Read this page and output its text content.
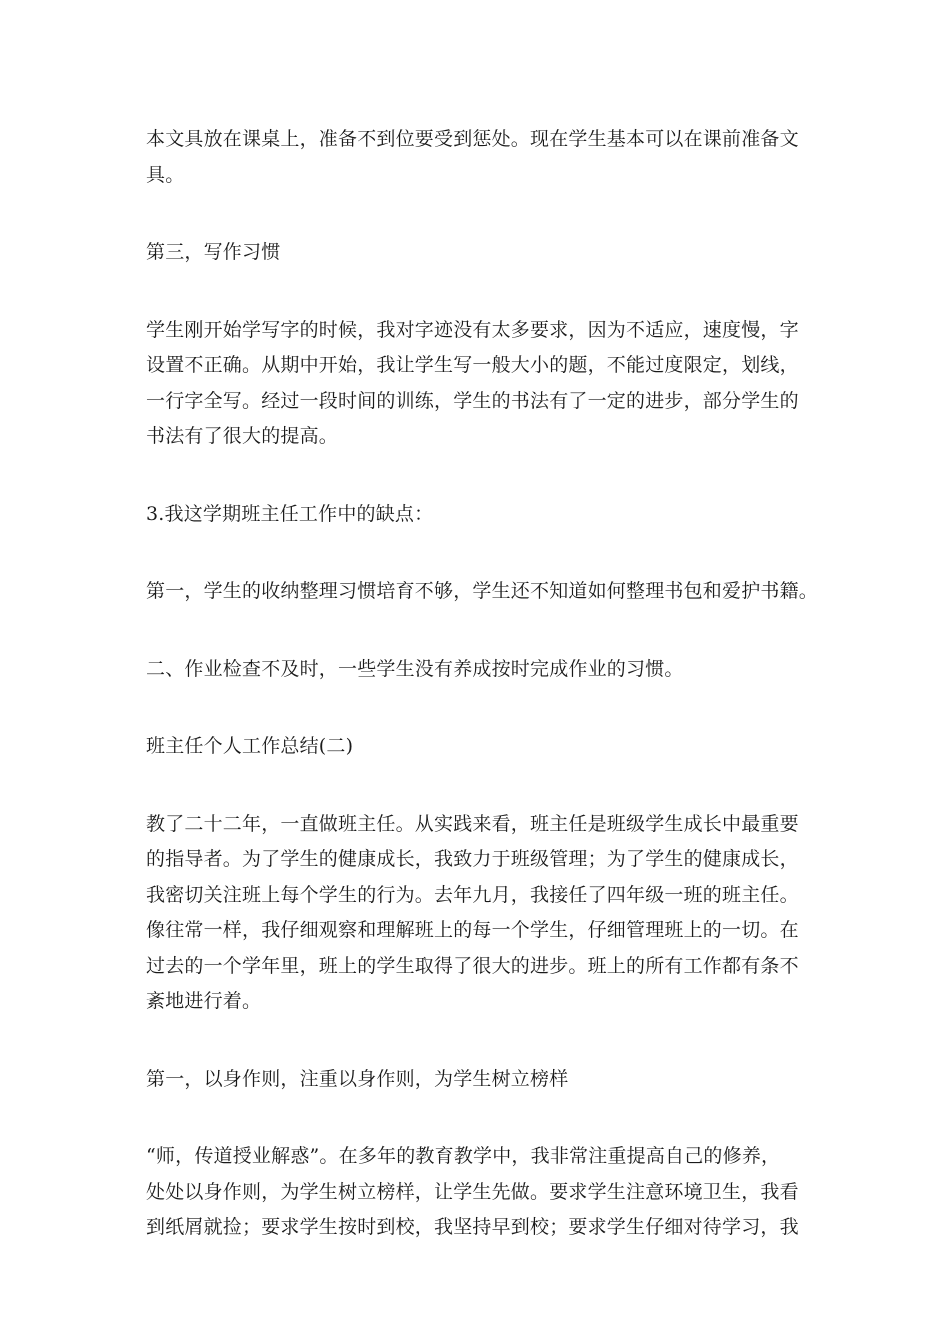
本文具放在课桌上，准备不到位要受到惩处。现在学生基本可以在课前准备文
具。

第三，写作习惯

学生刚开始学写字的时候，我对字迹没有太多要求，因为不适应，速度慢，字
设置不正确。从期中开始，我让学生写一般大小的题，不能过度限定，划线，
一行字全写。经过一段时间的训练，学生的书法有了一定的进步，部分学生的
书法有了很大的提高。

3.我这学期班主任工作中的缺点：

第一，学生的收纳整理习惯培育不够，学生还不知道如何整理书包和爱护书籍。

二、作业检查不及时，一些学生没有养成按时完成作业的习惯。

班主任个人工作总结(二)

教了二十二年，一直做班主任。从实践来看，班主任是班级学生成长中最重要
的指导者。为了学生的健康成长，我致力于班级管理；为了学生的健康成长，
我密切关注班上每个学生的行为。去年九月，我接任了四年级一班的班主任。
像往常一样，我仔细观察和理解班上的每一个学生，仔细管理班上的一切。在
过去的一个学年里，班上的学生取得了很大的进步。班上的所有工作都有条不
紊地进行着。

第一，以身作则，注重以身作则，为学生树立榜样

“师，传道授业解惑”。在多年的教育教学中，我非常注重提高自己的修养，
处处以身作则，为学生树立榜样，让学生先做。要求学生注意环境卫生，我看
到纸屑就捡；要求学生按时到校，我坚持早到校；要求学生仔细对待学习，我
